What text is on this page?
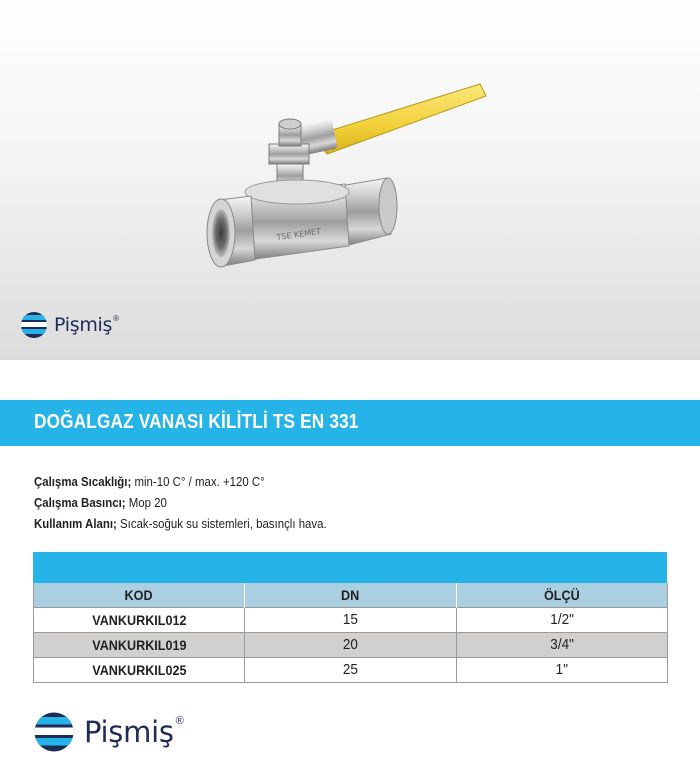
TSE KEMET
Pişmiş ®
DOĞALGAZ VANASI KİLİTLİ TS EN 331
Çalışma Sıcaklığı; min-10 C° / max. +120 C°
Çalışma Basıncı; Mop 20
Kullanım Alanı; Sıcak-soğuk su sistemleri, basınçlı hava.
KOD	DN	ÖLÇÜ
VANKURKIL012	15	1/2"
VANKURKIL019	20	3/4"
VANKURKIL025	25	1"
Pişmiş ®
